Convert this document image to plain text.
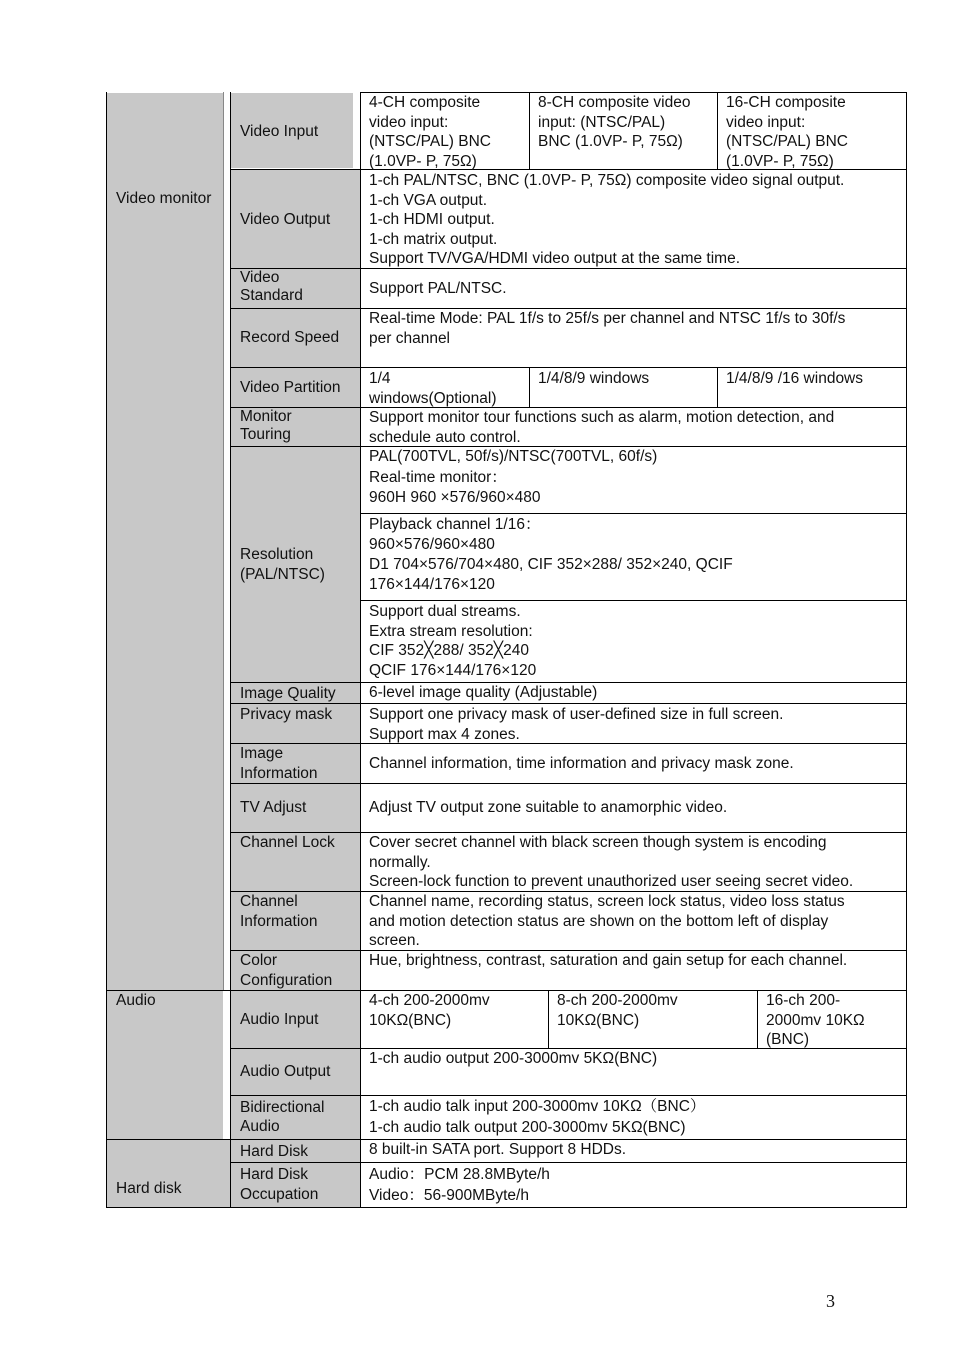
Video monitor
Audio
Hard disk
Video Input
Video Output
Video
Standard
Record Speed
Video Partition
Monitor
Touring
Resolution
(PAL/NTSC)
Image Quality
Privacy mask
Image
Information
TV Adjust
Channel Lock
Channel
Information
Color
Configuration
Audio Input
Audio Output
Bidirectional
Audio
Hard Disk
Hard Disk
Occupation
4-CH composite
video input:
(NTSC/PAL) BNC
(1.0VP- P, 75Ω)
8-CH composite video
input: (NTSC/PAL)
BNC (1.0VP- P, 75Ω)
16-CH composite
video input:
(NTSC/PAL) BNC
(1.0VP- P, 75Ω)
1-ch PAL/NTSC, BNC (1.0VP- P, 75Ω) composite video signal output.
1-ch VGA output.
1-ch HDMI output.
1-ch matrix output.
Support TV/VGA/HDMI video output at the same time.
Support PAL/NTSC.
Real-time Mode: PAL 1f/s to 25f/s per channel and NTSC 1f/s to 30f/s
per channel
1/4
windows(Optional)
1/4/8/9 windows	1/4/8/9 /16 windows
Support monitor tour functions such as alarm, motion detection, and
schedule auto control.
PAL(700TVL, 50f/s)/NTSC(700TVL, 60f/s)
Real-time monitor：
960H 960 ×576/960×480
Playback channel 1/16：
960×576/960×480
D1 704×576/704×480, CIF 352×288/ 352×240, QCIF
176×144/176×120
Support dual streams.
Extra stream resolution:
CIF 352╳288/ 352╳240
QCIF 176×144/176×120
6-level image quality (Adjustable)
Support one privacy mask of user-defined size in full screen.
Support max 4 zones.
Channel information, time information and privacy mask zone.
Adjust TV output zone suitable to anamorphic video.
Cover secret channel with black screen though system is encoding
normally.
Screen-lock function to prevent unauthorized user seeing secret video.
Channel name, recording status, screen lock status, video loss status
and motion detection status are shown on the bottom left of display
screen.
Hue, brightness, contrast, saturation and gain setup for each channel.
4-ch 200-2000mv
10KΩ(BNC)
8-ch 200-2000mv
10KΩ(BNC)
16-ch 200-
2000mv 10KΩ
(BNC)
1-ch audio output 200-3000mv 5KΩ(BNC)
1-ch audio talk input 200-3000mv 10KΩ（BNC）
1-ch audio talk output 200-3000mv 5KΩ(BNC)
8 built-in SATA port. Support 8 HDDs.
Audio：PCM 28.8MByte/h
Video：56-900MByte/h
3
